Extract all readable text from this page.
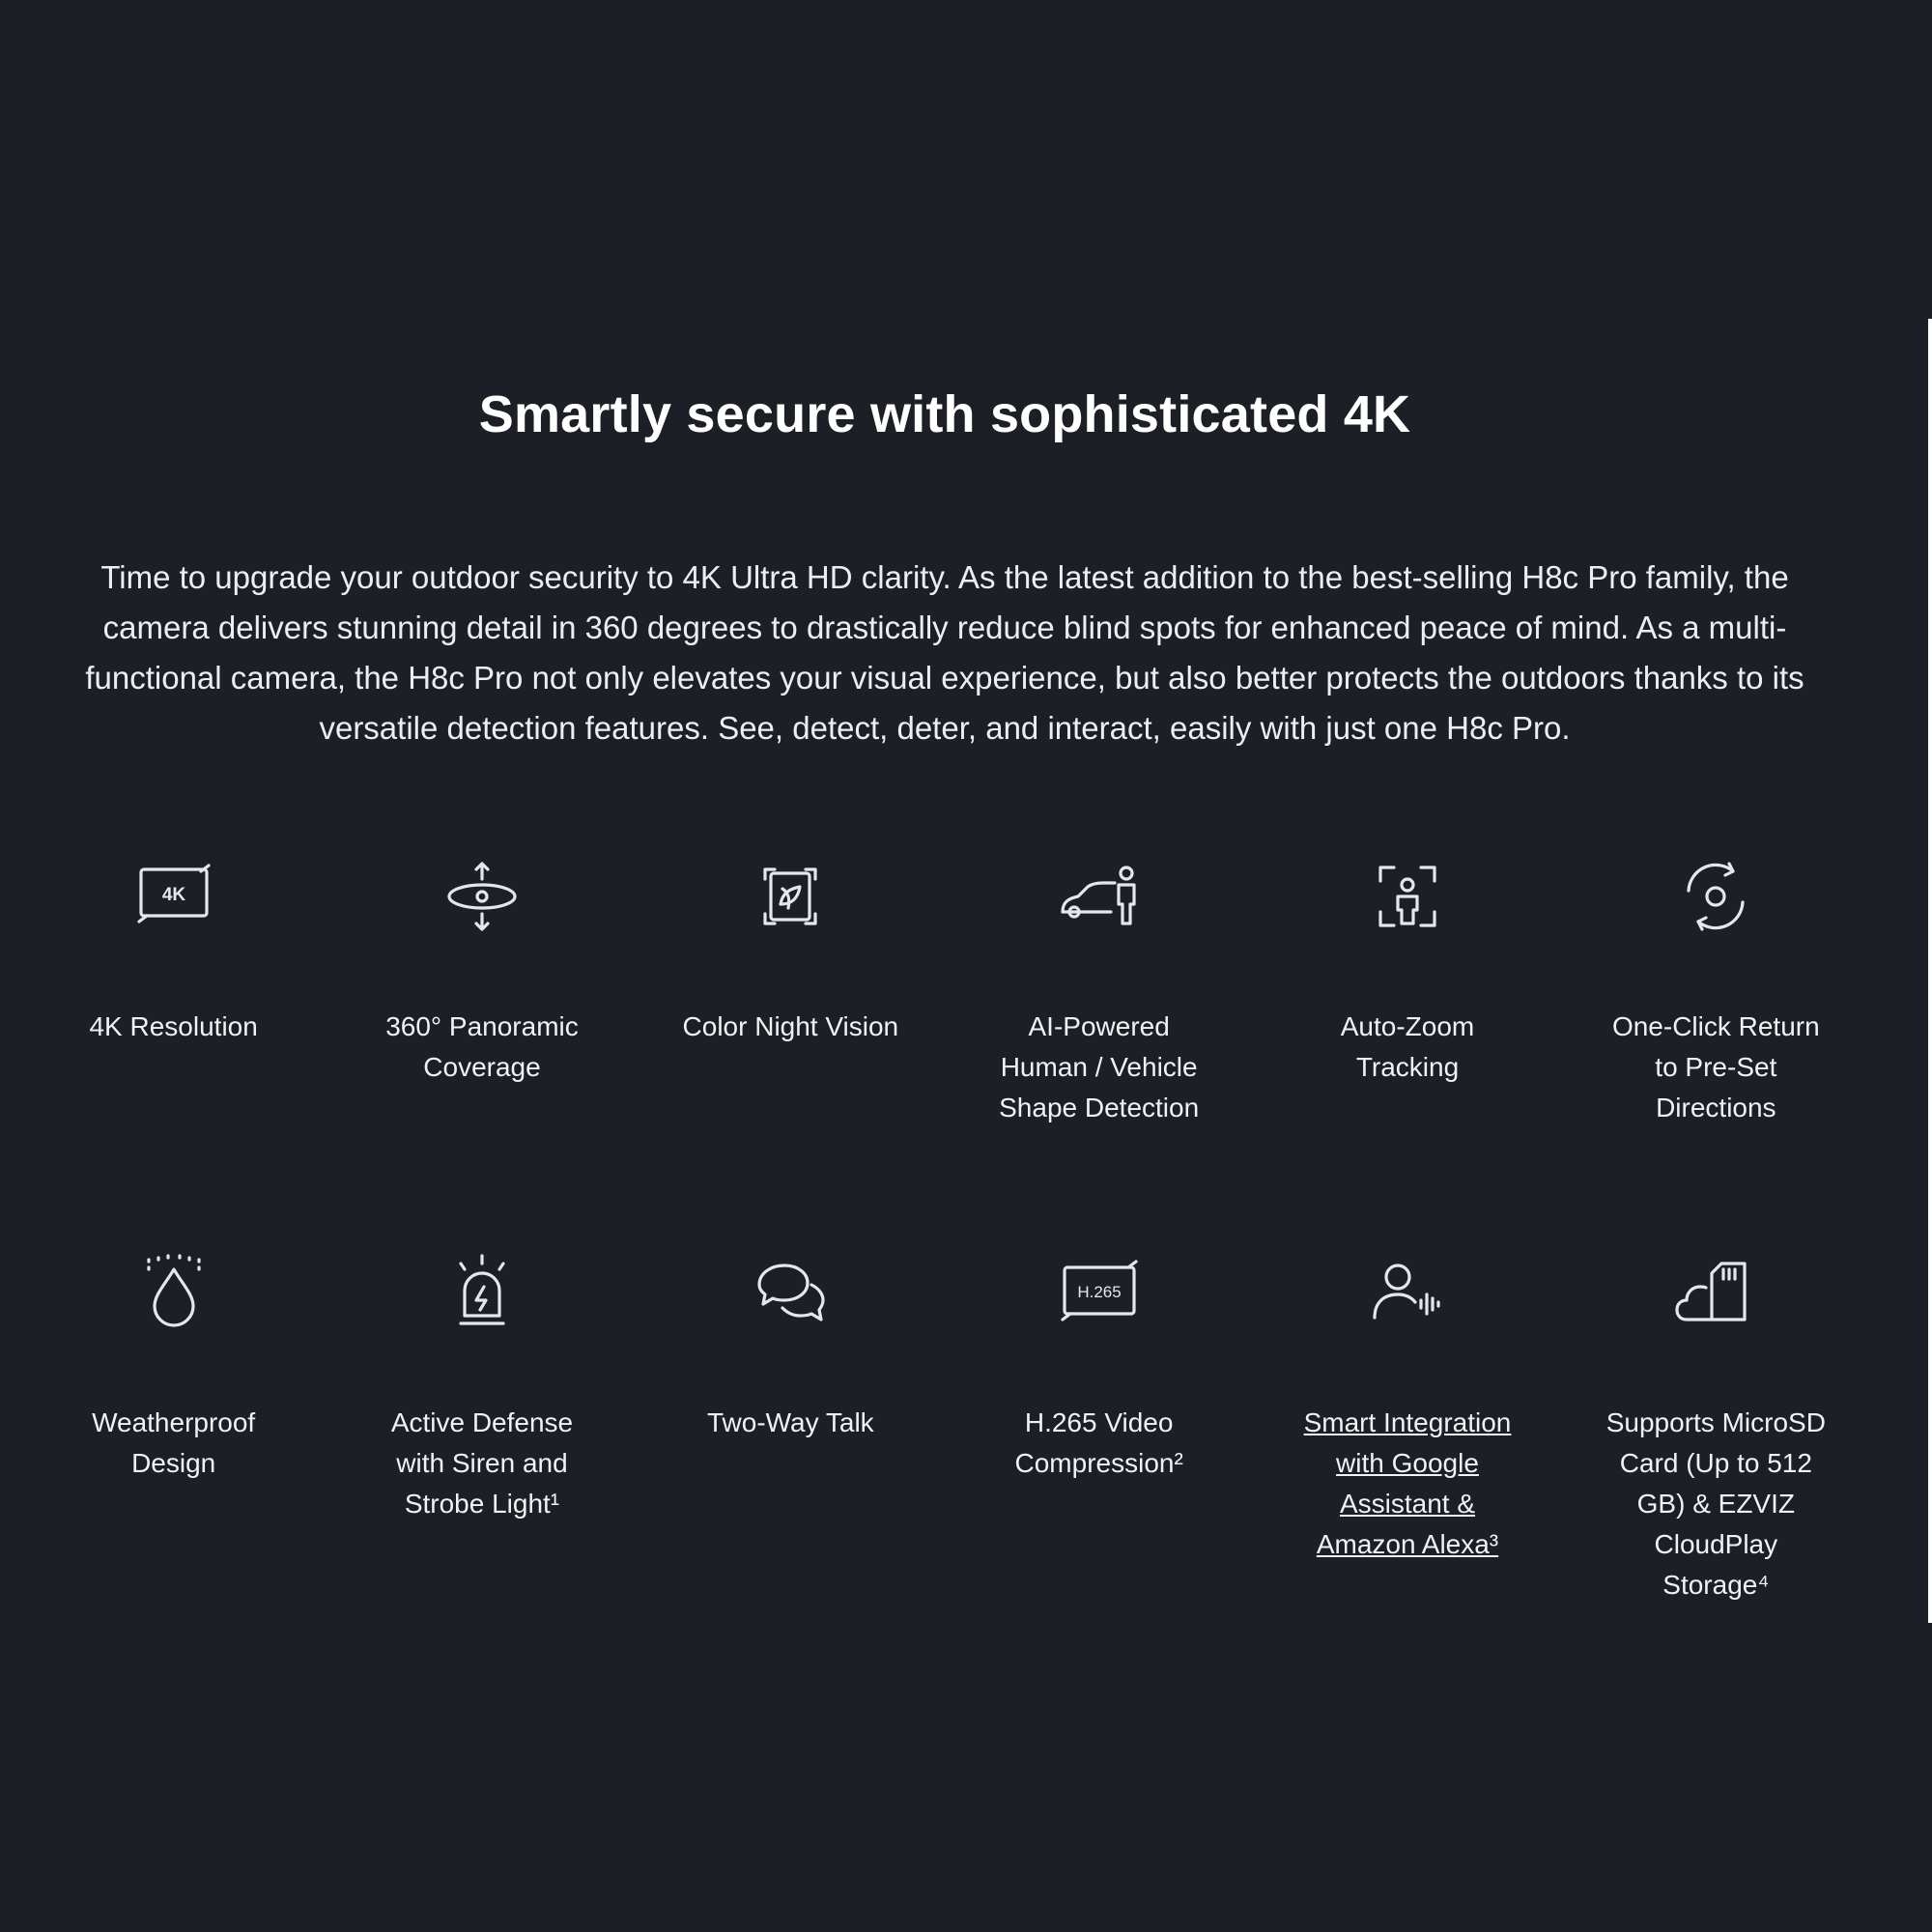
Smartly secure with sophisticated 4K

Time to upgrade your outdoor security to 4K Ultra HD clarity. As the latest addition to the best-selling H8c Pro family, the camera delivers stunning detail in 360 degrees to drastically reduce blind spots for enhanced peace of mind. As a multi-functional camera, the H8c Pro not only elevates your visual experience, but also better protects the outdoors thanks to its versatile detection features. See, detect, deter, and interact, easily with just one H8c Pro.

4K
4K Resolution	360° Panoramic Coverage
Color Night Vision	AI-Powered Human / Vehicle Shape Detection
Auto-Zoom Tracking
One-Click Return to Pre-Set Directions
Weatherproof Design
Active Defense with Siren and Strobe Light¹
Two-Way Talk
H.265
H.265 Video Compression²
Smart Integration with Google Assistant & Amazon Alexa³
Supports MicroSD Card (Up to 512 GB) & EZVIZ CloudPlay Storage⁴
